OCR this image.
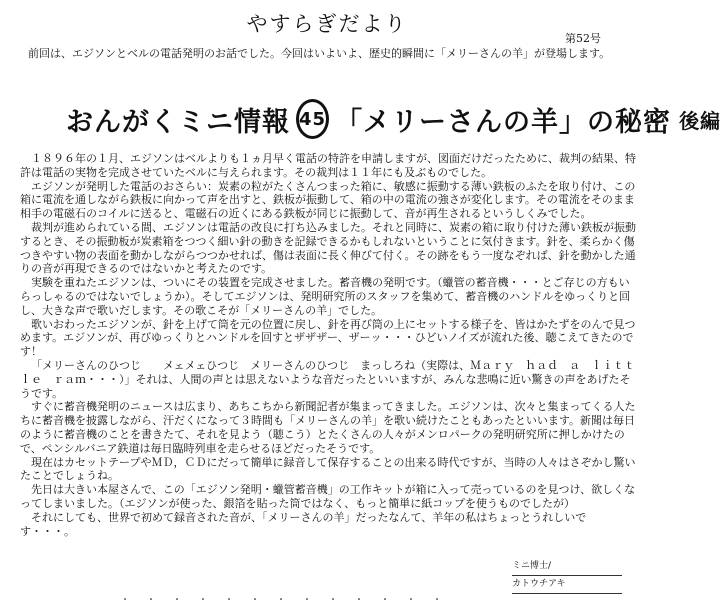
やすらぎだより
第52号
前回は、エジソンとベルの電話発明のお話でした。今回はいよいよ、歴史的瞬間に「メリーさんの羊」が登場します。
おんがくミニ情報 45 「メリーさんの羊」の秘密 後編

１８９６年の１月、エジソンはベルよりも１ヵ月早く電話の特許を申請しますが、図面だけだったために、裁判の結果、特許は電話の実物を完成させていたベルに与えられます。その裁判は１１年にも及ぶものでした。

エジソンが発明した電話のおさらい：炭素の粒がたくさんつまった箱に、敏感に振動する薄い鉄板のふたを取り付け、この箱に電流を通しながら鉄板に向かって声を出すと、鉄板が振動して、箱の中の電流の強さが変化します。その電流をそのまま相手の電磁石のコイルに送ると、電磁石の近くにある鉄板が同じに振動して、音が再生されるというしくみでした。

裁判が進められている間、エジソンは電話の改良に打ち込みました。それと同時に、炭素の箱に取り付けた薄い鉄板が振動するとき、その振動板が炭素箱をつつく細い針の動きを記録できるかもしれないということに気付きます。針を、柔らかく傷つきやすい物の表面を動かしながらつつかせれば、傷は表面に長く伸びて付く。その跡をもう一度なぞれば、針を動かした通りの音が再現できるのではないかと考えたのです。

実験を重ねたエジソンは、ついにその装置を完成させました。蓄音機の発明です。（蠟管の蓄音機・・・とご存じの方もいらっしゃるのではないでしょうか）。そしてエジソンは、発明研究所のスタッフを集めて、蓄音機のハンドルをゆっくりと回し、大きな声で歌いだします。その歌こそが「メリーさんの羊」でした。

歌いおわったエジソンが、針を上げて筒を元の位置に戻し、針を再び筒の上にセットする様子を、皆はかたずをのんで見つめます。エジソンが、再びゆっくりとハンドルを回すとザザザー、ザーッ・・・ひどいノイズが流れた後、聴こえてきたのです！

「メリーさんのひつじ　　メェメェひつじ　メリーさんのひつじ　まっしろね（実際は、Ｍａｒｙ　ｈａｄ　ａ　ｌｉｔｔｌｅ　ｒａｍ・・・）」それは、人間の声とは思えないような音だったといいますが、みんな悲鳴に近い驚きの声をあげたそうです。

すぐに蓄音機発明のニュースは広まり、あちこちから新聞記者が集まってきました。エジソンは、次々と集まってくる人たちに蓄音機を披露しながら、汗だくになって３時間も「メリーさんの羊」を歌い続けたこともあったといいます。新聞は毎日のように蓄音機のことを書きたて、それを見よう（聴こう）とたくさんの人々がメンロパークの発明研究所に押しかけたので、ペンシルバニア鉄道は毎日臨時列車を走らせるほどだったそうです。

現在はカセットテープやＭＤ，ＣＤにだって簡単に録音して保存することの出来る時代ですが、当時の人々はさぞかし驚いたことでしょうね。

先日は大きい本屋さんで、この「エジソン発明・蠟管蓄音機」の工作キットが箱に入って売っているのを見つけ、欲しくなってしまいました。（エジソンが使った、銀箔を貼った筒ではなく、もっと簡単に紙コップを使うものでしたが）

それにしても、世界で初めて録音された音が、「メリーさんの羊」だったなんて、羊年の私はちょっとうれしいです・・・。

ミニ博士/
カトウチアキ
・　・　・　・　・　・　・　・　・　・　・　・　・
